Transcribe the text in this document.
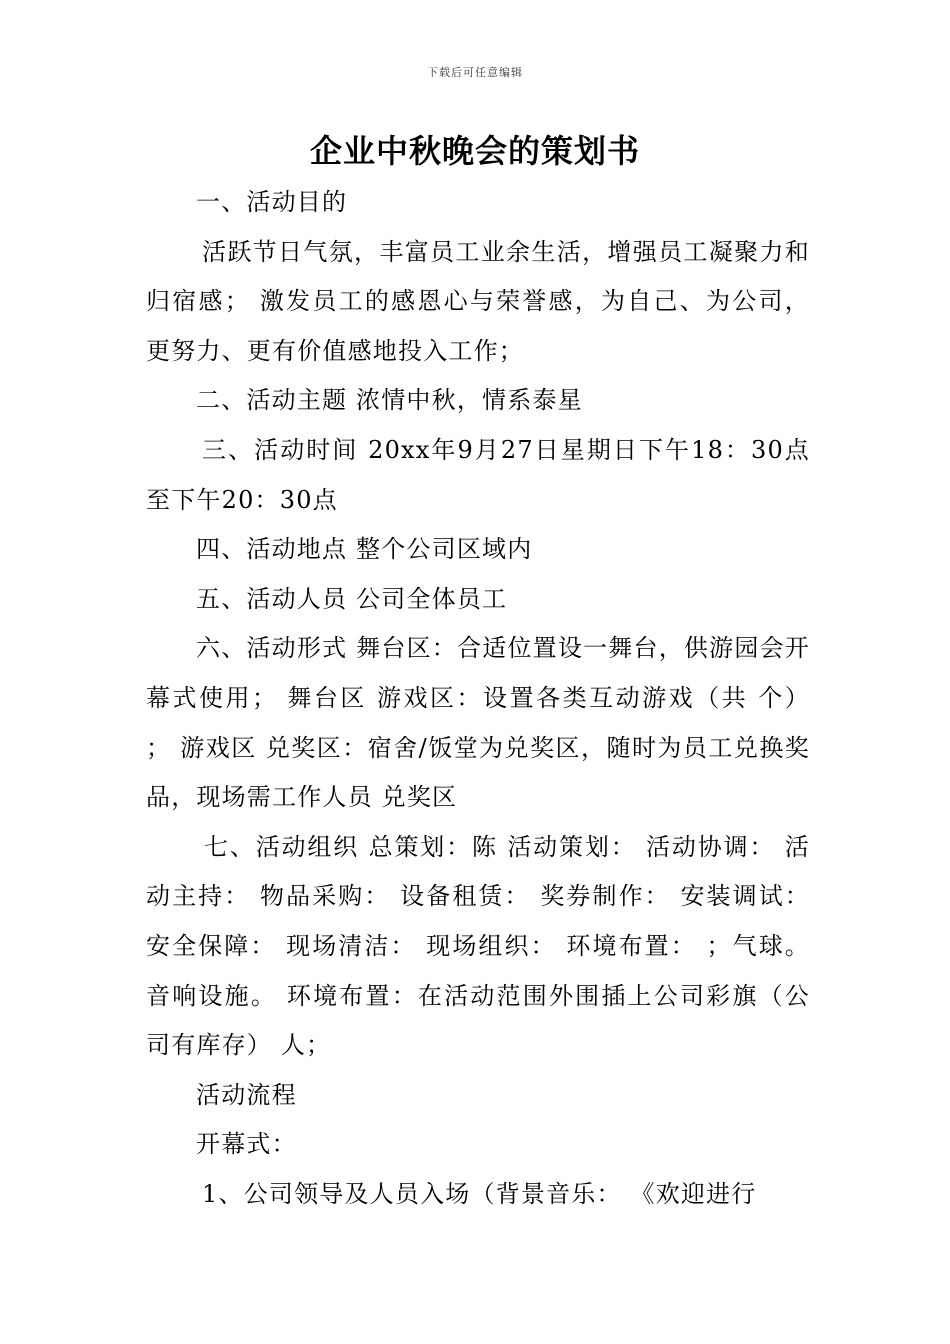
下载后可任意编辑
企业中秋晚会的策划书

一、活动目的

活跃节日气氛，丰富员工业余生活，增强员工凝聚力和归宿感； 激发员工的感恩心与荣誉感，为自己、为公司，更努力、更有价值感地投入工作；

二、活动主题 浓情中秋，情系泰星

三、活动时间 20xx年9月27日星期日下午18：30点至下午20：30点

四、活动地点 整个公司区域内

五、活动人员 公司全体员工

六、活动形式 舞台区：合适位置设一舞台，供游园会开幕式使用； 舞台区 游戏区：设置各类互动游戏（共 个） ； 游戏区 兑奖区：宿舍/饭堂为兑奖区，随时为员工兑换奖品，现场需工作人员 兑奖区

七、活动组织 总策划：陈 活动策划： 活动协调： 活动主持： 物品采购： 设备租赁： 奖券制作： 安装调试： 安全保障： 现场清洁： 现场组织： 环境布置： ；气球。音响设施。 环境布置：在活动范围外围插上公司彩旗（公司有库存） 人；

活动流程

开幕式：

1、公司领导及人员入场（背景音乐： 《欢迎进行
